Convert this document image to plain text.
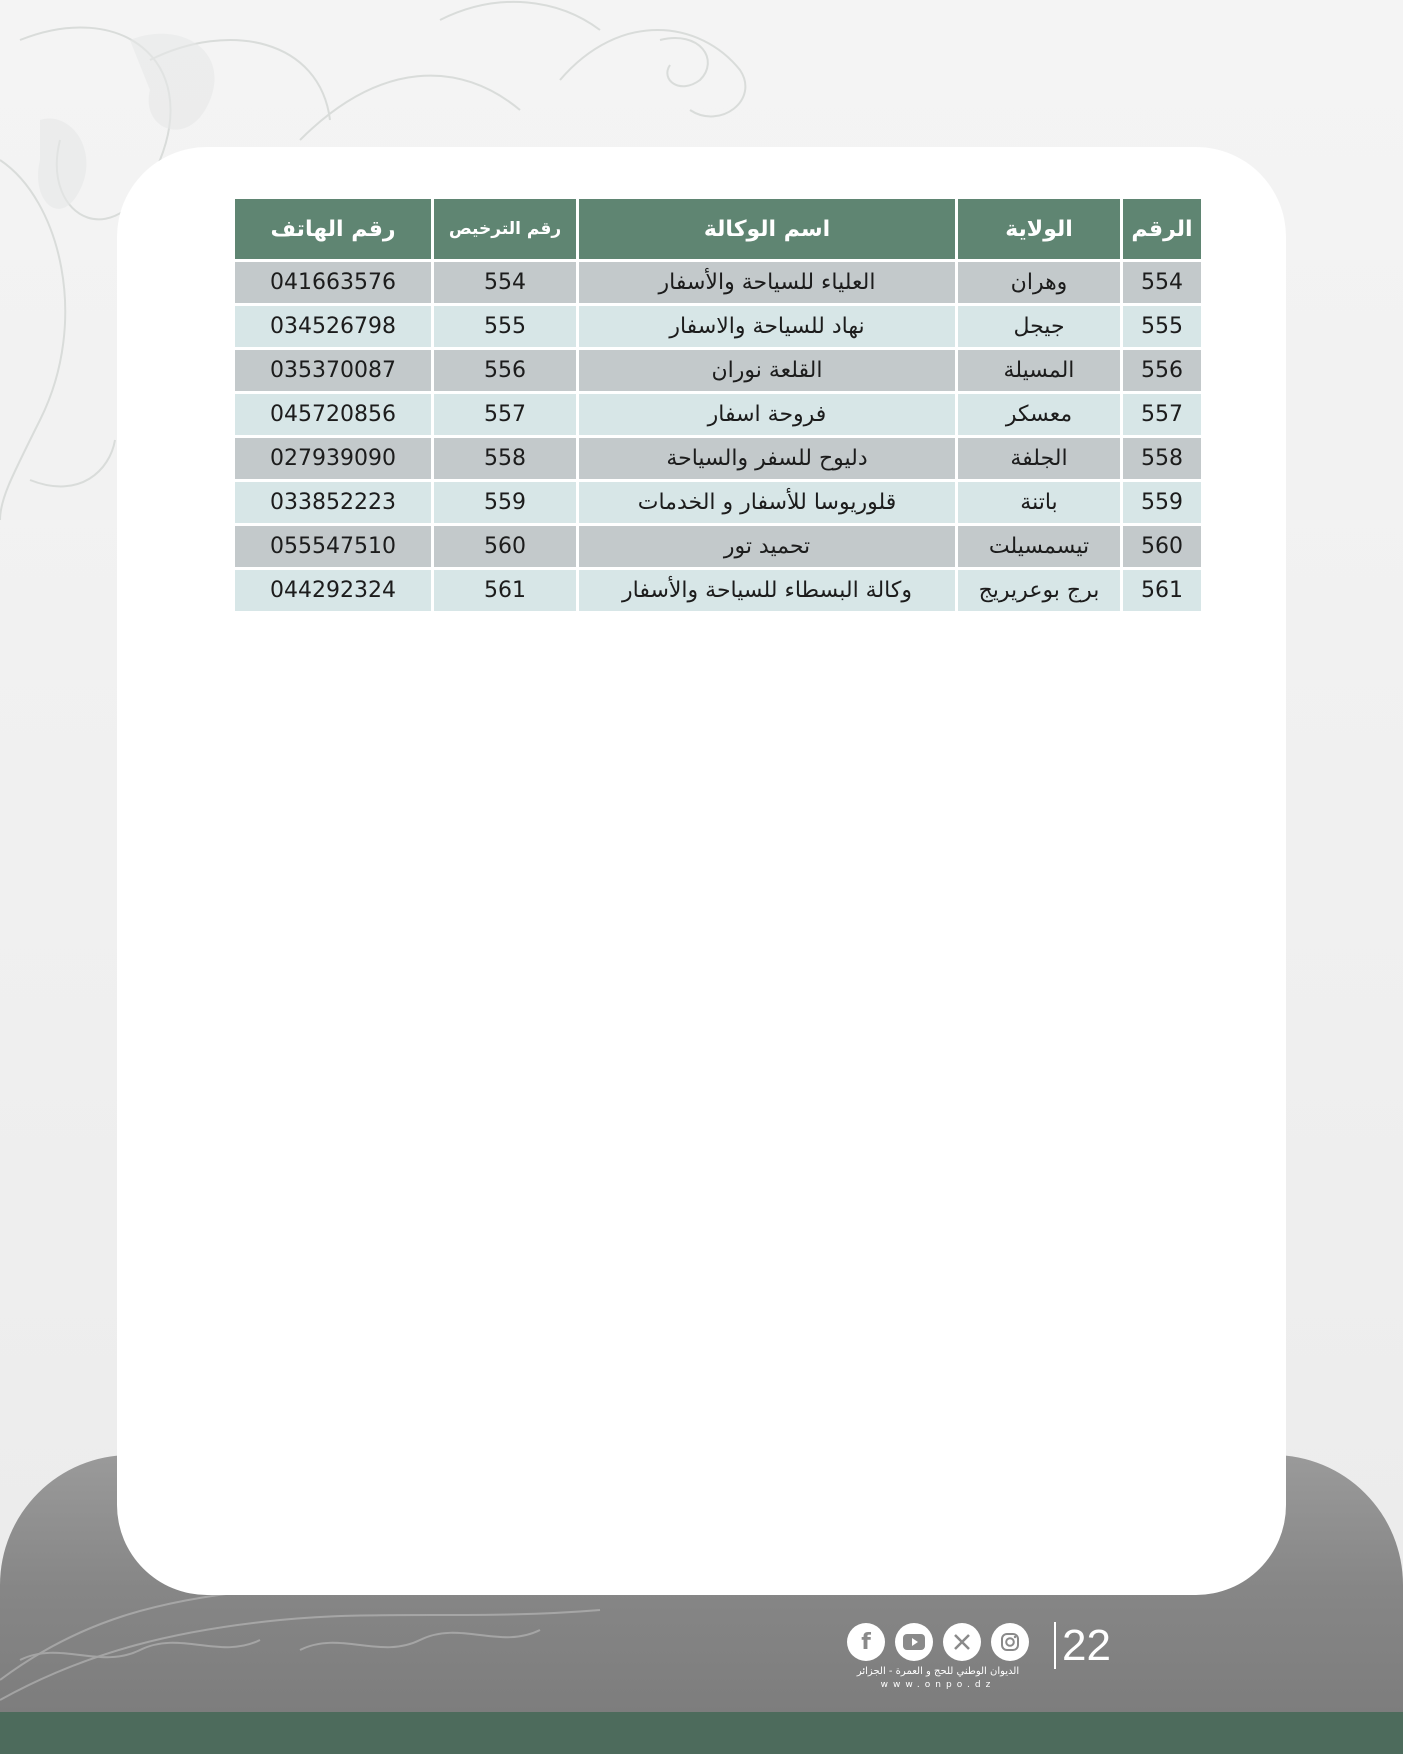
الرقم	الولاية	اسم الوكالة	رقم الترخيص	رقم الهاتف
554	وهران	العلياء للسياحة والأسفار	554	041663576
555	جيجل	نهاد للسياحة والاسفار	555	034526798
556	المسيلة	القلعة نوران	556	035370087
557	معسكر	فروحة اسفار	557	045720856
558	الجلفة	دليوح للسفر والسياحة	558	027939090
559	باتنة	قلوريوسا للأسفار و الخدمات	559	033852223
560	تيسمسيلت	تحميد تور	560	055547510
561	برج بوعريريج	وكالة البسطاء للسياحة والأسفار	561	044292324
f	22
الديوان الوطني للحج و العمرة - الجزائر
www.onpo.dz
